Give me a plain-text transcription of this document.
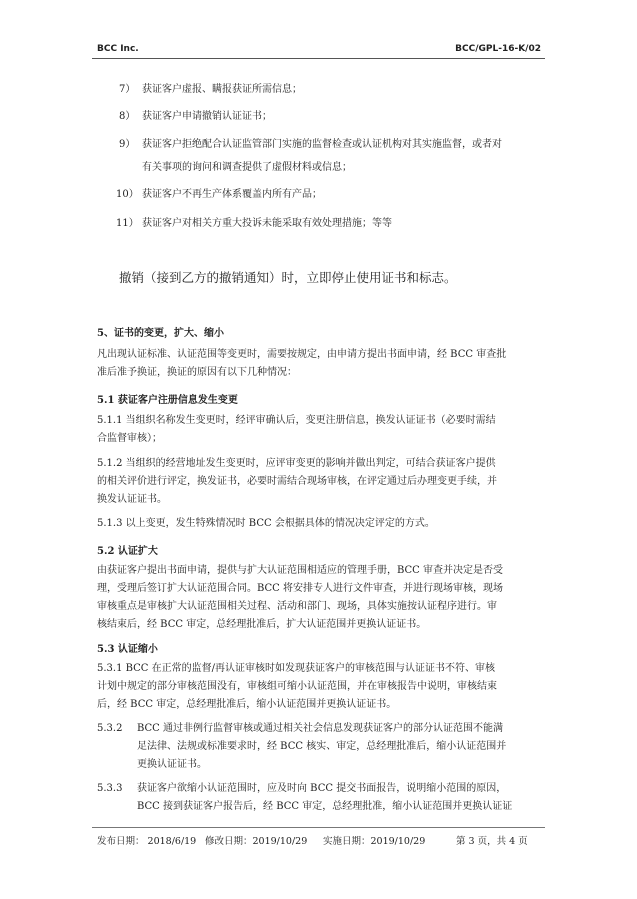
BCC Inc.	BCC/GPL-16-K/02
7） 获证客户虚报、瞒报获证所需信息；
8） 获证客户申请撤销认证证书；
9） 获证客户拒绝配合认证监管部门实施的监督检查或认证机构对其实施监督，或者对
有关事项的询问和调查提供了虚假材料或信息；
10） 获证客户不再生产体系覆盖内所有产品；
11） 获证客户对相关方重大投诉未能采取有效处理措施；等等
撤销（接到乙方的撤销通知）时，立即停止使用证书和标志。
5、证书的变更，扩大、缩小
凡出现认证标准、认证范围等变更时，需要按规定，由申请方提出书面申请，经 BCC 审查批
准后准予换证，换证的原因有以下几种情况：
5.1 获证客户注册信息发生变更
5.1.1 当组织名称发生变更时，经评审确认后，变更注册信息，换发认证证书（必要时需结
合监督审核）；
5.1.2 当组织的经营地址发生变更时，应评审变更的影响并做出判定，可结合获证客户提供
的相关评价进行评定，换发证书，必要时需结合现场审核，在评定通过后办理变更手续，并
换发认证证书。
5.1.3 以上变更，发生特殊情况时 BCC 会根据具体的情况决定评定的方式。
5.2 认证扩大
由获证客户提出书面申请，提供与扩大认证范围相适应的管理手册，BCC 审查并决定是否受
理，受理后签订扩大认证范围合同。BCC 将安排专人进行文件审查，并进行现场审核，现场
审核重点是审核扩大认证范围相关过程、活动和部门、现场，具体实施按认证程序进行。审
核结束后，经 BCC 审定，总经理批准后，扩大认证范围并更换认证证书。
5.3 认证缩小
5.3.1 BCC 在正常的监督/再认证审核时如发现获证客户的审核范围与认证证书不符、审核
计划中规定的部分审核范围没有，审核组可缩小认证范围，并在审核报告中说明，审核结束
后，经 BCC 审定，总经理批准后，缩小认证范围并更换认证证书。
5.3.2 BCC 通过非例行监督审核或通过相关社会信息发现获证客户的部分认证范围不能满
足法律、法规或标准要求时，经 BCC 核实、审定，总经理批准后，缩小认证范围并
更换认证证书。
5.3.3 获证客户欲缩小认证范围时，应及时向 BCC 提交书面报告，说明缩小范围的原因，
BCC 接到获证客户报告后，经 BCC 审定，总经理批准，缩小认证范围并更换认证证
发布日期： 2018/6/19 修改日期：2019/10/29 实施日期：2019/10/29	第 3 页，共 4 页
